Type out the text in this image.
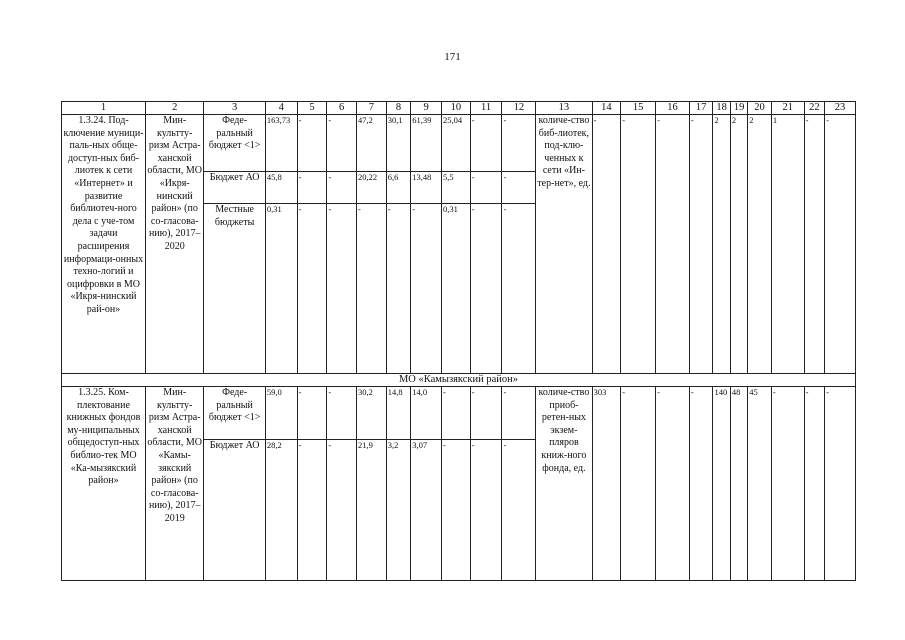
171
1	2	3	4	5	6	7	8	9	10	11	12	13	14	15	16	17	18	19	20	21	22	23
1.3.24. Под-ключение муници-паль-ных обще-доступ-ных биб-лиотек к сети «Интернет» и развитие библиотеч-ного дела с уче-том задачи расширения информаци-онных техно-логий и оцифровки в МО «Икря-нинский рай-он»	Мин-культту-ризм Астра-ханской области, МО «Икря-нинский район» (по со-гласова-нию), 2017–2020	Феде-ральный бюджет <1>	163,73	-	-	47,2	30,1	61,39	25,04	-	-	количе-ство биб-лиотек, под-клю-ченных к сети «Ин-тер-нет», ед.	-	-	-	-	2	2	2	1	-	-
		Бюджет АО	45,8	-	-	20,22	6,6	13,48	5,5	-	-											
		Местные бюджеты	0,31	-	-	-	-	-	0,31	-	-											
МО «Камызякский район»																						
1.3.25. Ком-плектование книжных фондов му-ниципальных общедоступ-ных библио-тек МО «Ка-мызякский район»	Мин-культту-ризм Астра-ханской области, МО «Камы-зякский район» (по со-гласова-нию), 2017–2019	Феде-ральный бюджет <1>	59,0	-	-	30,2	14,8	14,0	-	-	-	количе-ство приоб-ретен-ных экзем-пляров книж-ного фонда, ед.	303	-	-	-	140	48	45	-	-	-
		Бюджет АО	28,2	-	-	21,9	3,2	3,07	-	-	-											
